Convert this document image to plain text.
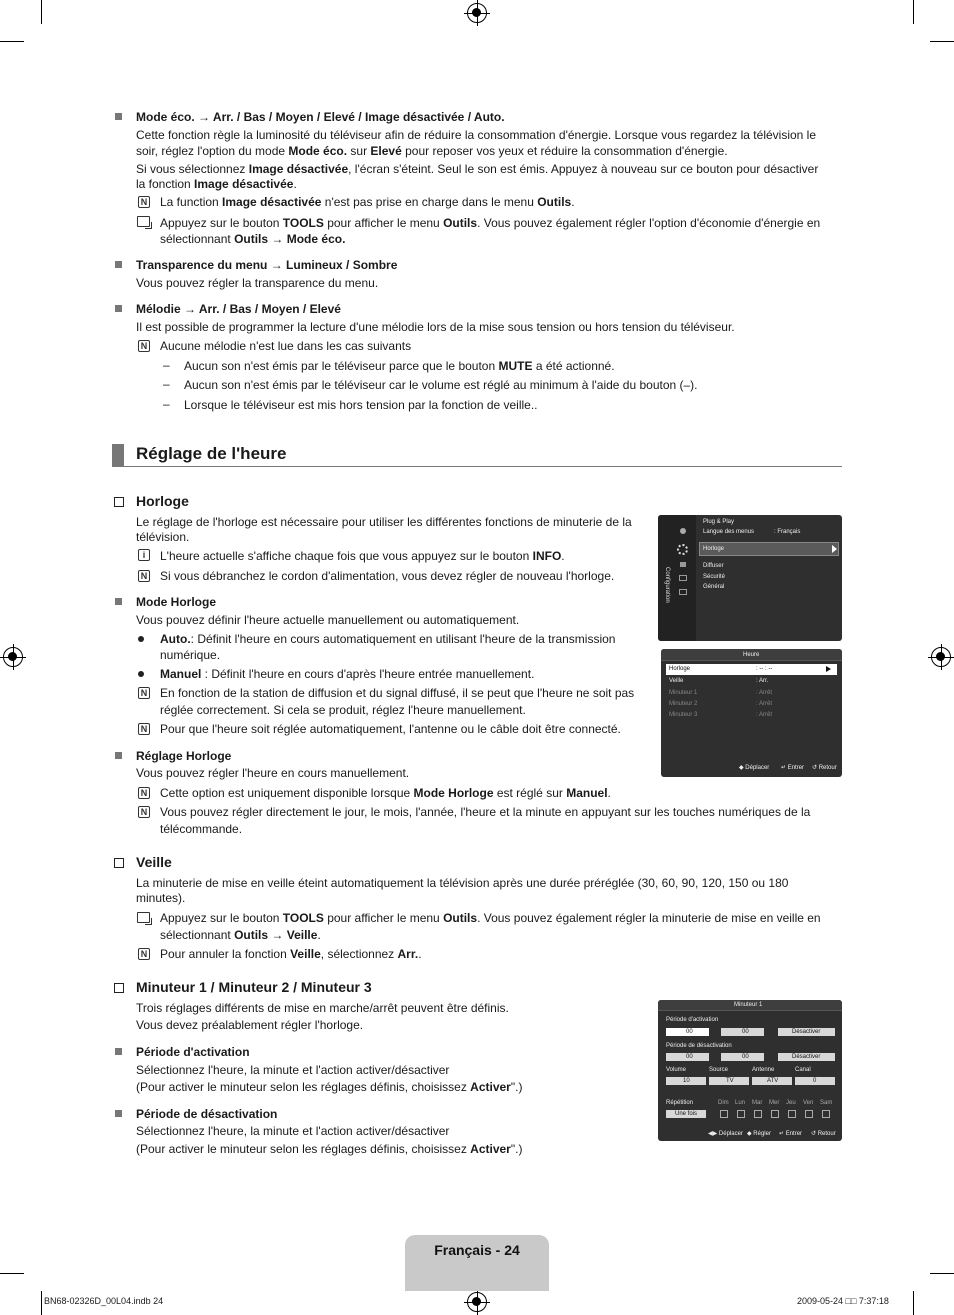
Mode éco. → Arr. / Bas / Moyen / Elevé / Image désactivée / Auto.
Cette fonction règle la luminosité du téléviseur afin de réduire la consommation d'énergie. Lorsque vous regardez la télévision le
soir, réglez l'option du mode Mode éco. sur Elevé pour reposer vos yeux et réduire la consommation d'énergie.
Si vous sélectionnez Image désactivée, l'écran s'éteint. Seul le son est émis. Appuyez à nouveau sur ce bouton pour désactiver
la fonction Image désactivée.
N La function Image désactivée n'est pas prise en charge dans le menu Outils.
Appuyez sur le bouton TOOLS pour afficher le menu Outils. Vous pouvez également régler l'option d'économie d'énergie en
sélectionnant Outils → Mode éco.
Transparence du menu → Lumineux / Sombre
Vous pouvez régler la transparence du menu.
Mélodie → Arr. / Bas / Moyen / Elevé
Il est possible de programmer la lecture d'une mélodie lors de la mise sous tension ou hors tension du téléviseur.
N Aucune mélodie n'est lue dans les cas suivants
– Aucun son n'est émis par le téléviseur parce que le bouton MUTE a été actionné.
– Aucun son n'est émis par le téléviseur car le volume est réglé au minimum à l'aide du bouton (–).
– Lorsque le téléviseur est mis hors tension par la fonction de veille..
Réglage de l'heure
Horloge
Le réglage de l'horloge est nécessaire pour utiliser les différentes fonctions de minuterie de la
télévision.
i	L'heure actuelle s'affiche chaque fois que vous appuyez sur le bouton INFO.
N Si vous débranchez le cordon d'alimentation, vous devez régler de nouveau l'horloge.
Mode Horloge
Vous pouvez définir l'heure actuelle manuellement ou automatiquement.
Auto.: Définit l'heure en cours automatiquement en utilisant l'heure de la transmission
numérique.
Manuel : Définit l'heure en cours d'après l'heure entrée manuellement.
N En fonction de la station de diffusion et du signal diffusé, il se peut que l'heure ne soit pas
réglée correctement. Si cela se produit, réglez l'heure manuellement.
N Pour que l'heure soit réglée automatiquement, l'antenne ou le câble doit être connecté.
Réglage Horloge
Vous pouvez régler l'heure en cours manuellement.
N Cette option est uniquement disponible lorsque Mode Horloge est réglé sur Manuel.
N Vous pouvez régler directement le jour, le mois, l'année, l'heure et la minute en appuyant sur les touches numériques de la
télécommande.
Veille
La minuterie de mise en veille éteint automatiquement la télévision après une durée préréglée (30, 60, 90, 120, 150 ou 180
minutes).
Appuyez sur le bouton TOOLS pour afficher le menu Outils. Vous pouvez également régler la minuterie de mise en veille en
sélectionnant Outils → Veille.
N Pour annuler la fonction Veille, sélectionnez Arr..
Minuteur 1 / Minuteur 2 / Minuteur 3
Trois réglages différents de mise en marche/arrêt peuvent être définis.
Vous devez préalablement régler l'horloge.
Période d'activation
Sélectionnez l'heure, la minute et l'action activer/désactiver
(Pour activer le minuteur selon les réglages définis, choisissez Activer".)
Période de désactivation
Sélectionnez l'heure, la minute et l'action activer/désactiver
(Pour activer le minuteur selon les réglages définis, choisissez Activer".)
Configuration
Plug & Play
Langue des menus	: Français
Horloge
Diffuser
Sécurité
Général
Heure
Horloge	: -- : --
Veille	: Arr.
Minuteur 1	: Arrêt
Minuteur 2	: Arrêt
Minuteur 3	: Arrêt
◆ Déplacer ↵ Entrer ↺ Retour
Minuteur 1
Période d'activation
00	00	Désactiver
Période de désactivation
00	00	Désactiver
Volume	Source	Antenne	Canal
10	TV	ATV	0
Répétition
Une fois
Dim Lun Mar Mer Jeu Ven Sam
◀▶ Déplacer ◆ Régler ↵ Entrer ↺ Retour
Français - 24
BN68-02326D_00L04.indb 24	2009-05-24 □□ 7:37:18
